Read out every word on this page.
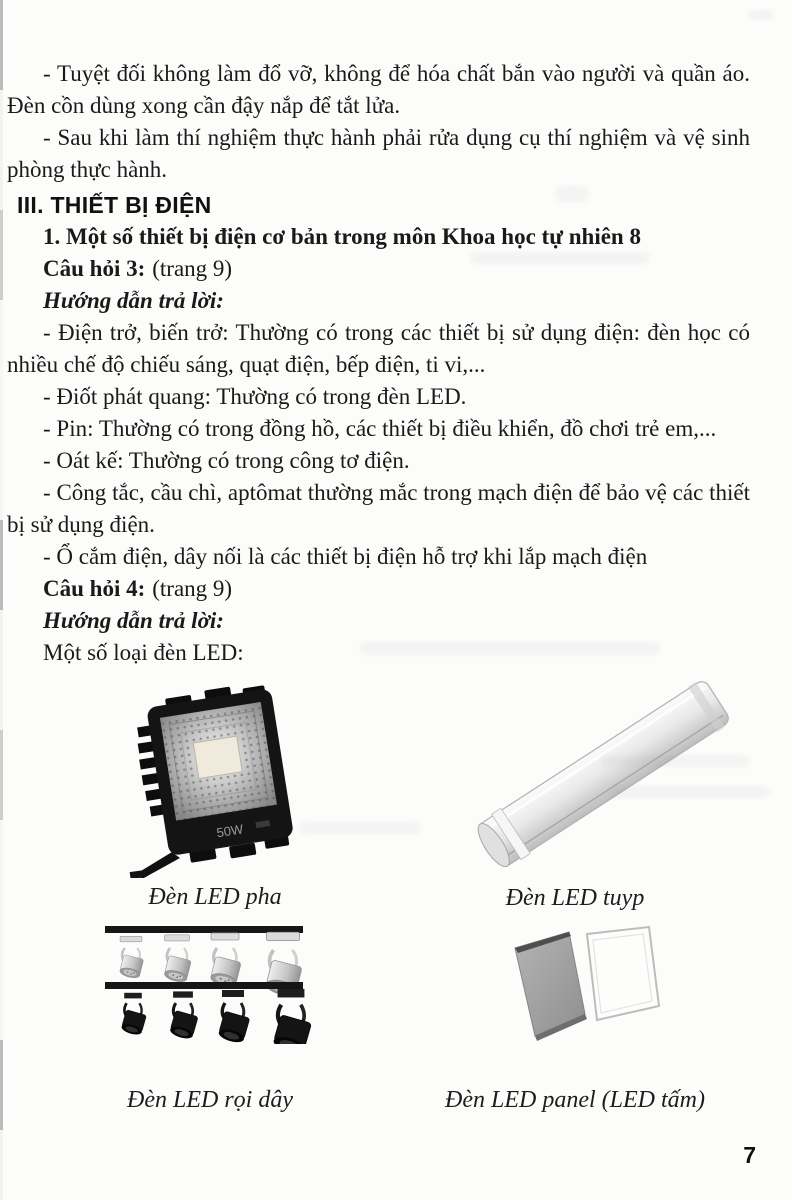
- Tuyệt đối không làm đổ vỡ, không để hóa chất bắn vào người và quần áo. Đèn cồn dùng xong cần đậy nắp để tắt lửa.

- Sau khi làm thí nghiệm thực hành phải rửa dụng cụ thí nghiệm và vệ sinh phòng thực hành.

III. THIẾT BỊ ĐIỆN
1. Một số thiết bị điện cơ bản trong môn Khoa học tự nhiên 8

Câu hỏi 3: (trang 9)

Hướng dẫn trả lời:

- Điện trở, biến trở: Thường có trong các thiết bị sử dụng điện: đèn học có nhiều chế độ chiếu sáng, quạt điện, bếp điện, ti vi,...

- Điốt phát quang: Thường có trong đèn LED.

- Pin: Thường có trong đồng hồ, các thiết bị điều khiển, đồ chơi trẻ em,...

- Oát kế: Thường có trong công tơ điện.

- Công tắc, cầu chì, aptômat thường mắc trong mạch điện để bảo vệ các thiết bị sử dụng điện.

- Ổ cắm điện, dây nối là các thiết bị điện hỗ trợ khi lắp mạch điện

Câu hỏi 4: (trang 9)

Hướng dẫn trả lời:

Một số loại đèn LED:

50W
Đèn LED pha	Đèn LED tuyp
Đèn LED rọi dây	Đèn LED panel (LED tấm)
7
